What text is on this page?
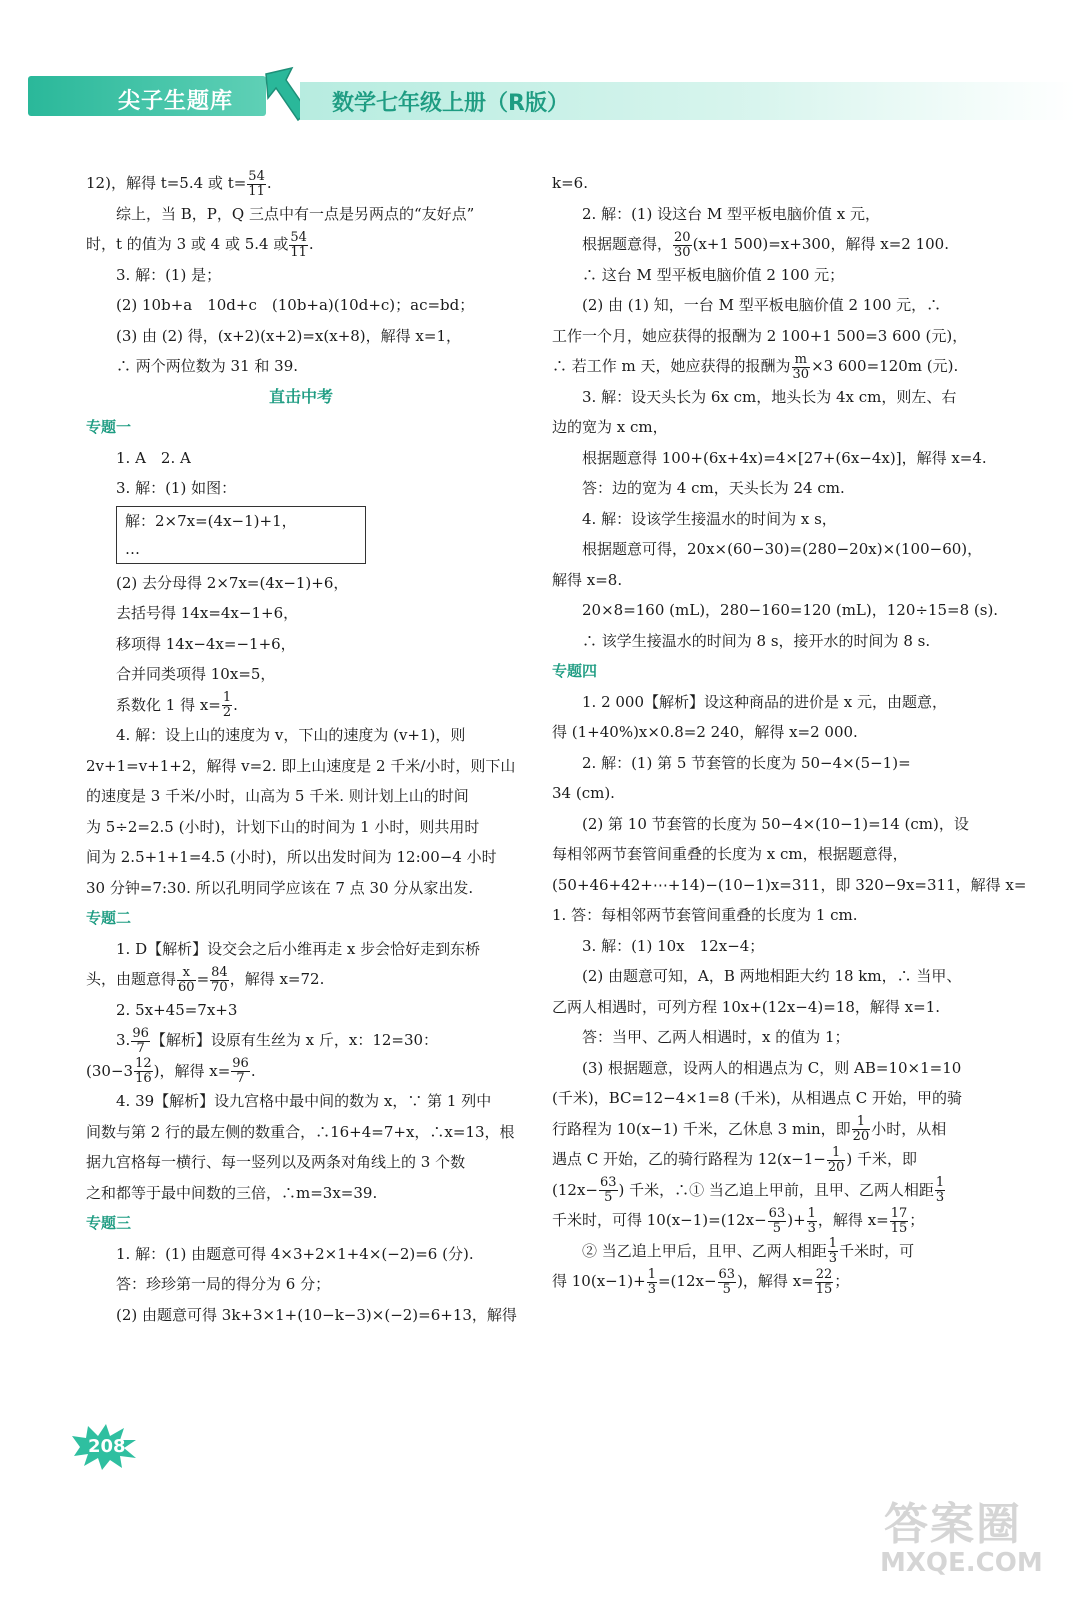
尖子生题库	数学七年级上册（R版）
12)，解得 t=5.4 或 $t= \frac{54}{11}$ .
综上，当 B，P，Q 三点中有一点是另两点的“友好点”
时，t 的值为 3 或 4 或 5.4 或 $\frac{54}{11}$ .
3. 解：(1) 是；
(2) 10b+a　10d+c　(10b+a)(10d+c)；ac=bd；
(3) 由 (2) 得，(x+2)(x+2)=x(x+8)，解得 x=1，
∴ 两个两位数为 31 和 39.
直击中考
专题一
1. A　2. A
3. 解：(1) 如图：
解：2×7x=(4x−1)+1，
…
(2) 去分母得 2×7x=(4x−1)+6，
去括号得 14x=4x−1+6，
移项得 14x−4x=−1+6，
合并同类项得 10x=5，
系数化 1 得 $x= \frac{1}{2}$ .
4. 解：设上山的速度为 v，下山的速度为 (v+1)，则
2v+1=v+1+2，解得 v=2. 即上山速度是 2 千米/小时，则下山
的速度是 3 千米/小时，山高为 5 千米. 则计划上山的时间
为 5÷2=2.5 (小时)，计划下山的时间为 1 小时，则共用时
间为 2.5+1+1=4.5 (小时)，所以出发时间为 12:00−4 小时
30 分钟=7:30. 所以孔明同学应该在 7 点 30 分从家出发.
专题二
1. D【解析】设交会之后小维再走 x 步会恰好走到东桥
头，由题意得 $\frac{x}{60} = \frac{84}{70}$ ，解得 x=72.
2. 5x+45=7x+3
3. $\frac{96}{7}$ 【解析】设原有生丝为 x 斤，x：12=30：
($30-3 \frac{12}{16}$ )，解得 $x= \frac{96}{7}$ .
4. 39【解析】设九宫格中最中间的数为 x，∵ 第 1 列中
间数与第 2 行的最左侧的数重合，∴16+4=7+x，∴x=13，根
据九宫格每一横行、每一竖列以及两条对角线上的 3 个数
之和都等于最中间数的三倍，∴m=3x=39.
专题三
1. 解：(1) 由题意可得 4×3+2×1+4×(−2)=6 (分).
答：珍珍第一局的得分为 6 分；
(2) 由题意可得 3k+3×1+(10−k−3)×(−2)=6+13，解得
k=6.
2. 解：(1) 设这台 M 型平板电脑价值 x 元，
根据题意得， $\frac{20}{30} (x+1$ 500)=x+300，解得 x=2 100.
∴ 这台 M 型平板电脑价值 2 100 元；
(2) 由 (1) 知，一台 M 型平板电脑价值 2 100 元，∴
工作一个月，她应获得的报酬为 2 100+1 500=3 600 (元)，
∴ 若工作 m 天，她应获得的报酬为 $\frac{m}{30} \times 3$ 600=120m (元).
3. 解：设天头长为 6x cm，地头长为 4x cm，则左、右
边的宽为 x cm，
根据题意得 100+(6x+4x)=4×[27+(6x−4x)]，解得 x=4.
答：边的宽为 4 cm，天头长为 24 cm.
4. 解：设该学生接温水的时间为 x s，
根据题意可得，20x×(60−30)=(280−20x)×(100−60)，
解得 x=8.
20×8=160 (mL)，280−160=120 (mL)，120÷15=8 (s).
∴ 该学生接温水的时间为 8 s，接开水的时间为 8 s.
专题四
1. 2 000【解析】设这种商品的进价是 x 元，由题意，
得 (1+40%)x×0.8=2 240，解得 x=2 000.
2. 解：(1) 第 5 节套管的长度为 50−4×(5−1)=
34 (cm).
(2) 第 10 节套管的长度为 50−4×(10−1)=14 (cm)，设
每相邻两节套管间重叠的长度为 x cm，根据题意得，
(50+46+42+⋯+14)−(10−1)x=311，即 320−9x=311，解得 x=
1. 答：每相邻两节套管间重叠的长度为 1 cm.
3. 解：(1) 10x　12x−4；
(2) 由题意可知，A，B 两地相距大约 18 km，∴ 当甲、
乙两人相遇时，可列方程 10x+(12x−4)=18，解得 x=1.
答：当甲、乙两人相遇时，x 的值为 1；
(3) 根据题意，设两人的相遇点为 C，则 AB=10×1=10
(千米)，BC=12−4×1=8 (千米)，从相遇点 C 开始，甲的骑
行路程为 10(x−1) 千米，乙休息 3 min，即 $\frac{1}{20}$ 小时，从相
遇点 C 开始，乙的骑行路程为 $12(x-1- \frac{1}{20}$ ) 千米，即
($12x- \frac{63}{5}$ ) 千米，∴① 当乙追上甲前，且甲、乙两人相距 $\frac{1}{3}$
千米时，可得 $10(x-1)=(12x- \frac{63}{5}$ )+ $\frac{1}{3}$ ，解得 $x= \frac{17}{15}$ ；
② 当乙追上甲后，且甲、乙两人相距 $\frac{1}{3}$ 千米时，可
得 $10(x-1)+ \frac{1}{3} =(12x- \frac{63}{5}$ )，解得 $x= \frac{22}{15}$ ；
208
答案圈
MXQE.COM
